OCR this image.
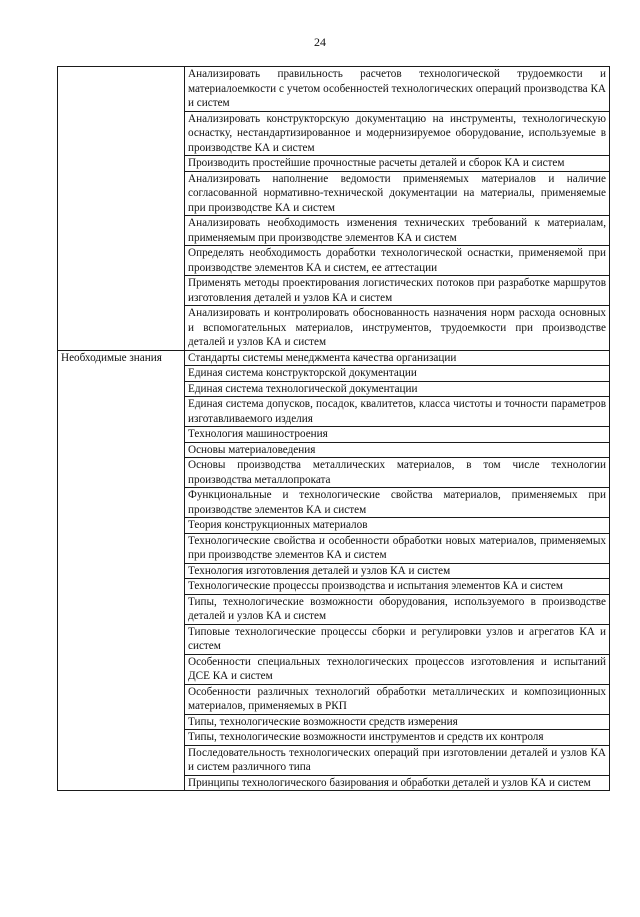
24
	Анализировать правильность расчетов технологической трудоемкости и материалоемкости с учетом особенностей технологических операций производства КА и систем
	Анализировать конструкторскую документацию на инструменты, технологическую оснастку, нестандартизированное и модернизируемое оборудование, используемые в производстве КА и систем
	Производить простейшие прочностные расчеты деталей и сборок КА и систем
	Анализировать наполнение ведомости применяемых материалов и наличие согласованной нормативно-технической документации на материалы, применяемые при производстве КА и систем
	Анализировать необходимость изменения технических требований к материалам, применяемым при производстве элементов КА и систем
	Определять необходимость доработки технологической оснастки, применяемой при производстве элементов КА и систем, ее аттестации
	Применять методы проектирования логистических потоков при разработке маршрутов изготовления деталей и узлов КА и систем
	Анализировать и контролировать обоснованность назначения норм расхода основных и вспомогательных материалов, инструментов, трудоемкости при производстве деталей и узлов КА и систем

Необходимые знания	Стандарты системы менеджмента качества организации
	Единая система конструкторской документации
	Единая система технологической документации
	Единая система допусков, посадок, квалитетов, класса чистоты и точности параметров изготавливаемого изделия
	Технология машиностроения
	Основы материаловедения
	Основы производства металлических материалов, в том числе технологии производства металлопроката
	Функциональные и технологические свойства материалов, применяемых при производстве элементов КА и систем
	Теория конструкционных материалов
	Технологические свойства и особенности обработки новых материалов, применяемых при производстве элементов КА и систем
	Технология изготовления деталей и узлов КА и систем
	Технологические процессы производства и испытания элементов КА и систем
	Типы, технологические возможности оборудования, используемого в производстве деталей и узлов КА и систем
	Типовые технологические процессы сборки и регулировки узлов и агрегатов КА и систем
	Особенности специальных технологических процессов изготовления и испытаний ДСЕ КА и систем
	Особенности различных технологий обработки металлических и композиционных материалов, применяемых в РКП
	Типы, технологические возможности средств измерения
	Типы, технологические возможности инструментов и средств их контроля
	Последовательность технологических операций при изготовлении деталей и узлов КА и систем различного типа
	Принципы технологического базирования и обработки деталей и узлов КА и систем
